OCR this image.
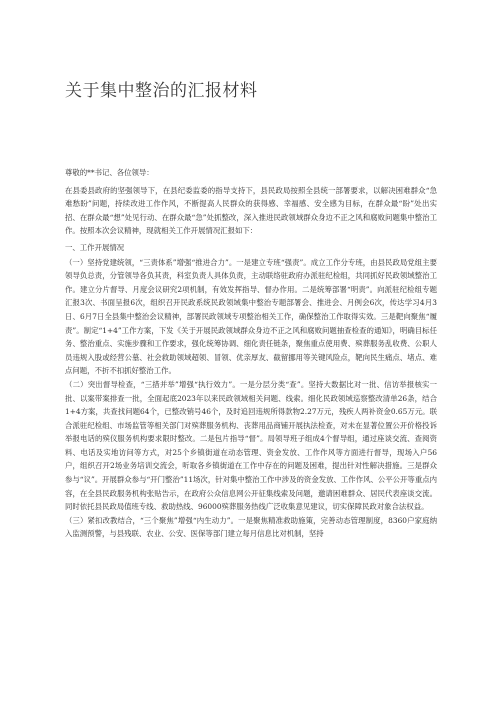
关于集中整治的汇报材料

尊敬的**书记、各位领导：

在县委县政府的坚强领导下，在县纪委监委的指导支持下，县民政局按照全县统一部署要求，以解决困难群众“急难愁盼”问题，持续改进工作作风，不断提高人民群众的获得感、幸福感、安全感为目标，在群众最“盼”处出实招、在群众最“想”处见行动、在群众最“急”处抓整改，深入推进民政领域群众身边不正之风和腐败问题集中整治工作。按照本次会议精神，现就相关工作开展情况汇报如下：

一、工作开展情况

（一）坚持党建统领，“三责体系”增强“推进合力”。一是建立专班“强责”。成立工作分专班，由县民政局党组主要领导负总责，分管领导各负其责，科室负责人具体负责，主动联络驻政府办派驻纪检组，共同抓好民政领域整治工作。建立分片督导、月度会议研究2项机制，有效发挥指导、督办作用。二是统筹部署“明责”。向派驻纪检组专题汇报3次、书面呈报6次，组织召开民政系统民政领域集中整治专题部署会、推进会、月例会6次，传达学习4月3日、6月7日全县集中整治会议精神，部署民政领域专项整治相关工作，确保整治工作取得实效。三是靶向聚焦“履责”。制定“1+4”工作方案，下发《关于开展民政领域群众身边不正之风和腐败问题抽查检查的通知》，明确目标任务、整治重点、实施步骤和工作要求，强化统筹协调、细化责任链条，聚焦重点使用费、殡葬服务乱收费、公职人员违规入股或经营公墓、社会救助领域超领、冒领、优亲厚友、截留挪用等关键风险点，靶向民生痛点、堵点、难点问题，不折不扣抓好整治工作。

（二）突出督导检查，“三措并举”增强“执行效力”。一是分层分类“查”。坚持大数据比对一批、信访举报核实一批、以案带案排查一批，全面起底2023年以来民政领域相关问题、线索。细化民政领域巡察整改清单26条，结合1+4方案，共查找问题64个，已整改销号46个，及时追回违规所得款物2.27万元，残疾人两补资金0.65万元。联合派驻纪检组、市场监管等相关部门对殡葬服务机构、丧葬用品商铺开展执法检查，对未在显著位置公开价格投诉举报电话的殡仪服务机构要求限时整改。二是包片指导“督”。局领导班子组成4个督导组，通过座谈交流、查阅资料、电话及实地访问等方式，对25个乡镇街道在动态管理、资金发放、工作作风等方面进行督导，现场入户56户，组织召开2场业务培训交流会，听取各乡镇街道在工作中存在的问题及困难，提出针对性解决措施。三是群众参与“议”。开展群众参与“开门整治”11场次，针对集中整治工作中涉及的资金发放、工作作风、公平公开等重点内容，在全县民政服务机构张贴告示，在政府公众信息网公开征集线索及问题，邀请困难群众、居民代表座谈交流。同时依托县民政局值班专线、救助热线、96000殡葬服务热线广泛收集意见建议，切实保障民政对象合法权益。

（三）紧扣改教结合，“三个聚焦”增强“内生动力”。一是聚焦精准救助施策，完善动态管理制度，8360户家庭纳入监测预警，与县残联、农业、公安、医保等部门建立每月信息比对机制，坚持
